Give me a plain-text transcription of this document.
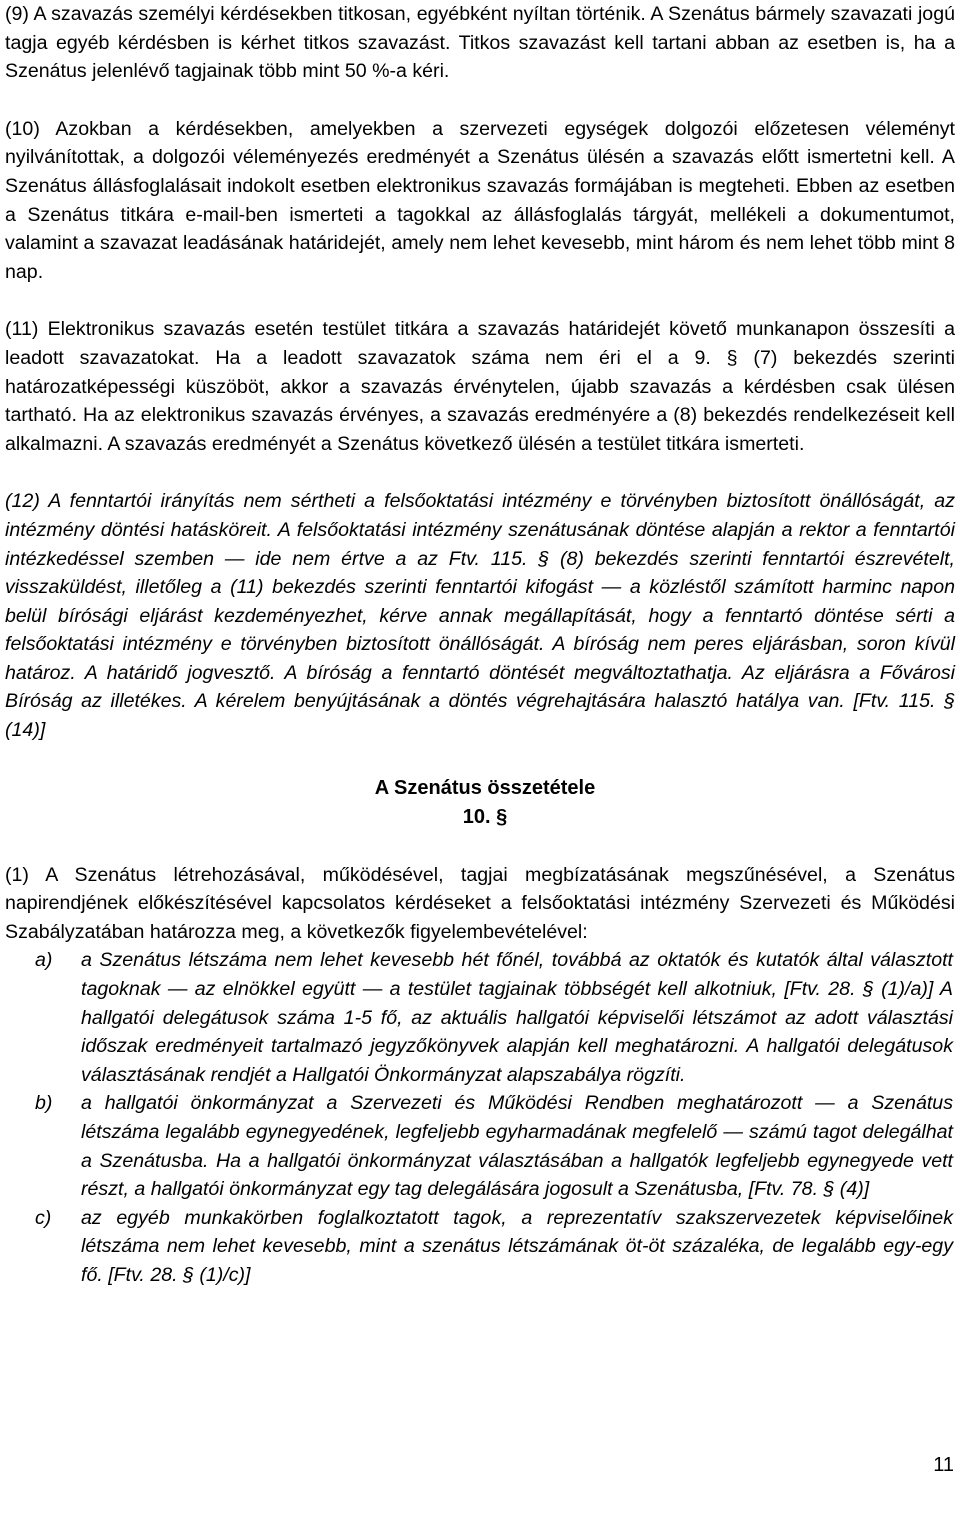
(9) A szavazás személyi kérdésekben titkosan, egyébként nyíltan történik. A Szenátus bármely szavazati jogú tagja egyéb kérdésben is kérhet titkos szavazást. Titkos szavazást kell tartani abban az esetben is, ha a Szenátus jelenlévő tagjainak több mint 50 %-a kéri.

(10) Azokban a kérdésekben, amelyekben a szervezeti egységek dolgozói előzetesen véleményt nyilvánítottak, a dolgozói véleményezés eredményét a Szenátus ülésén a szavazás előtt ismertetni kell. A Szenátus állásfoglalásait indokolt esetben elektronikus szavazás formájában is megteheti. Ebben az esetben a Szenátus titkára e-mail-ben ismerteti a tagokkal az állásfoglalás tárgyát, mellékeli a dokumentumot, valamint a szavazat leadásának határidejét, amely nem lehet kevesebb, mint három és nem lehet több mint 8 nap.

(11) Elektronikus szavazás esetén testület titkára a szavazás határidejét követő munkanapon összesíti a leadott szavazatokat. Ha a leadott szavazatok száma nem éri el a 9. § (7) bekezdés szerinti határozatképességi küszöböt, akkor a szavazás érvénytelen, újabb szavazás a kérdésben csak ülésen tartható. Ha az elektronikus szavazás érvényes, a szavazás eredményére a (8) bekezdés rendelkezéseit kell alkalmazni. A szavazás eredményét a Szenátus következő ülésén a testület titkára ismerteti.

(12) A fenntartói irányítás nem sértheti a felsőoktatási intézmény e törvényben biztosított önállóságát, az intézmény döntési hatásköreit. A felsőoktatási intézmény szenátusának döntése alapján a rektor a fenntartói intézkedéssel szemben — ide nem értve a az Ftv. 115. § (8) bekezdés szerinti fenntartói észrevételt, visszaküldést, illetőleg a (11) bekezdés szerinti fenntartói kifogást — a közléstől számított harminc napon belül bírósági eljárást kezdeményezhet, kérve annak megállapítását, hogy a fenntartó döntése sérti a felsőoktatási intézmény e törvényben biztosított önállóságát. A bíróság nem peres eljárásban, soron kívül határoz. A határidő jogvesztő. A bíróság a fenntartó döntését megváltoztathatja. Az eljárásra a Fővárosi Bíróság az illetékes. A kérelem benyújtásának a döntés végrehajtására halasztó hatálya van. [Ftv. 115. § (14)]

A Szenátus összetétele

10. §

(1) A Szenátus létrehozásával, működésével, tagjai megbízatásának megszűnésével, a Szenátus napirendjének előkészítésével kapcsolatos kérdéseket a felsőoktatási intézmény Szervezeti és Működési Szabályzatában határozza meg, a következők figyelembevételével:

a)	a Szenátus létszáma nem lehet kevesebb hét főnél, továbbá az oktatók és kutatók által választott tagoknak — az elnökkel együtt — a testület tagjainak többségét kell alkotniuk, [Ftv. 28. § (1)/a)] A hallgatói delegátusok száma 1-5 fő, az aktuális hallgatói képviselői létszámot az adott választási időszak eredményeit tartalmazó jegyzőkönyvek alapján kell meghatározni. A hallgatói delegátusok választásának rendjét a Hallgatói Önkormányzat alapszabálya rögzíti.
b)	a hallgatói önkormányzat a Szervezeti és Működési Rendben meghatározott — a Szenátus létszáma legalább egynegyedének, legfeljebb egyharmadának megfelelő — számú tagot delegálhat a Szenátusba. Ha a hallgatói önkormányzat választásában a hallgatók legfeljebb egynegyede vett részt, a hallgatói önkormányzat egy tag delegálására jogosult a Szenátusba, [Ftv. 78. § (4)]
c)	az egyéb munkakörben foglalkoztatott tagok, a reprezentatív szakszervezetek képviselőinek létszáma nem lehet kevesebb, mint a szenátus létszámának öt-öt százaléka, de legalább egy-egy fő. [Ftv. 28. § (1)/c)]
11
